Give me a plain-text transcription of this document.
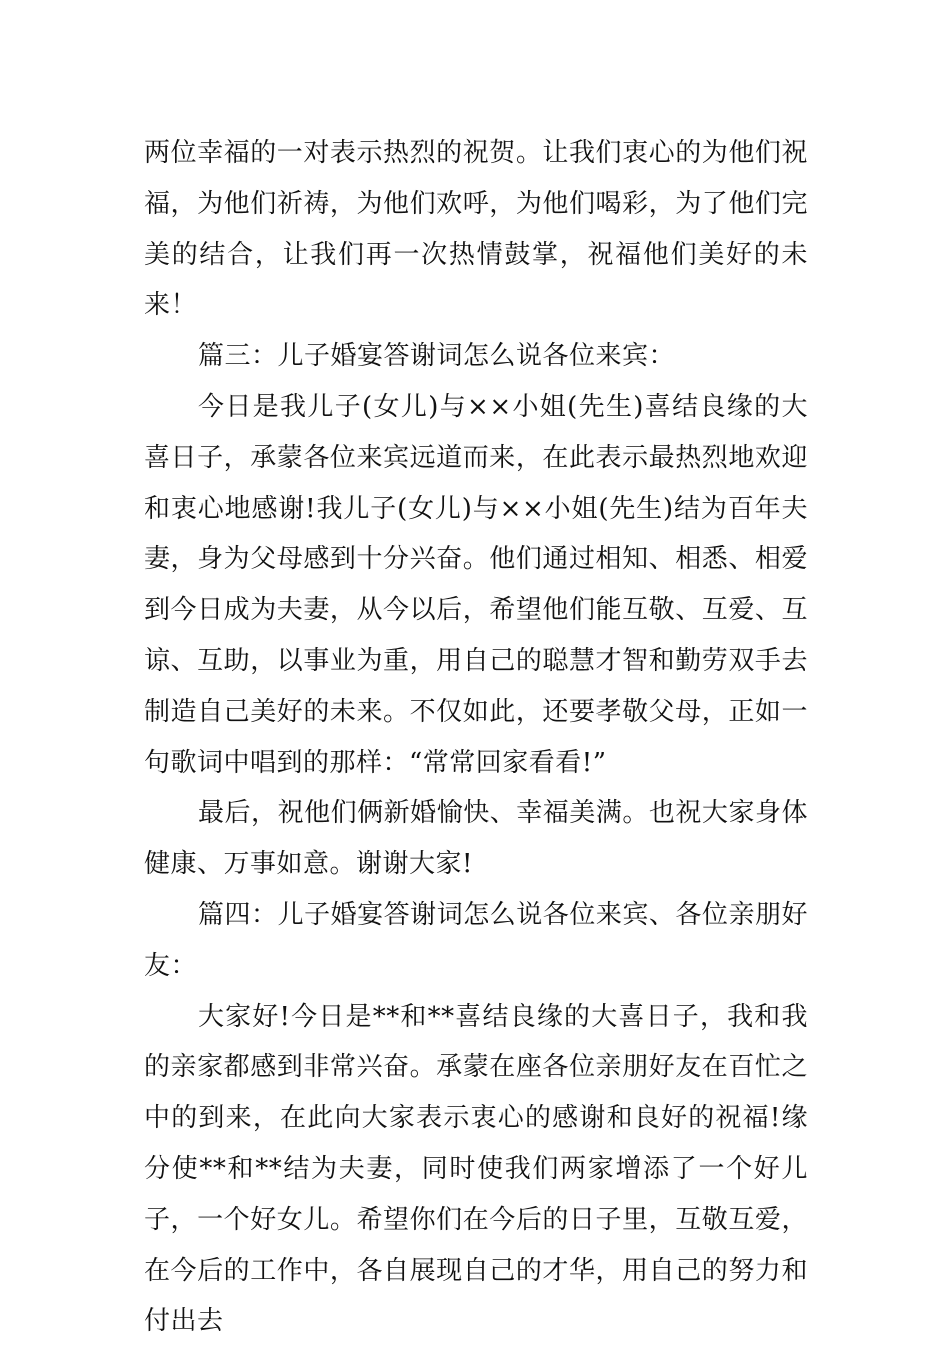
两位幸福的一对表示热烈的祝贺。让我们衷心的为他们祝福，为他们祈祷，为他们欢呼，为他们喝彩，为了他们完美的结合，让我们再一次热情鼓掌，祝福他们美好的未来！

篇三：儿子婚宴答谢词怎么说各位来宾：

今日是我儿子(女儿)与××小姐(先生)喜结良缘的大喜日子，承蒙各位来宾远道而来，在此表示最热烈地欢迎和衷心地感谢!我儿子(女儿)与××小姐(先生)结为百年夫妻，身为父母感到十分兴奋。他们通过相知、相悉、相爱到今日成为夫妻，从今以后，希望他们能互敬、互爱、互谅、互助，以事业为重，用自己的聪慧才智和勤劳双手去制造自己美好的未来。不仅如此，还要孝敬父母，正如一句歌词中唱到的那样：“常常回家看看!”

最后，祝他们俩新婚愉快、幸福美满。也祝大家身体健康、万事如意。谢谢大家!

篇四：儿子婚宴答谢词怎么说各位来宾、各位亲朋好友：

大家好!今日是**和**喜结良缘的大喜日子，我和我的亲家都感到非常兴奋。承蒙在座各位亲朋好友在百忙之中的到来，在此向大家表示衷心的感谢和良好的祝福!缘分使**和**结为夫妻，同时使我们两家增添了一个好儿子，一个好女儿。希望你们在今后的日子里，互敬互爱，在今后的工作中，各自展现自己的才华，用自己的努力和付出去
